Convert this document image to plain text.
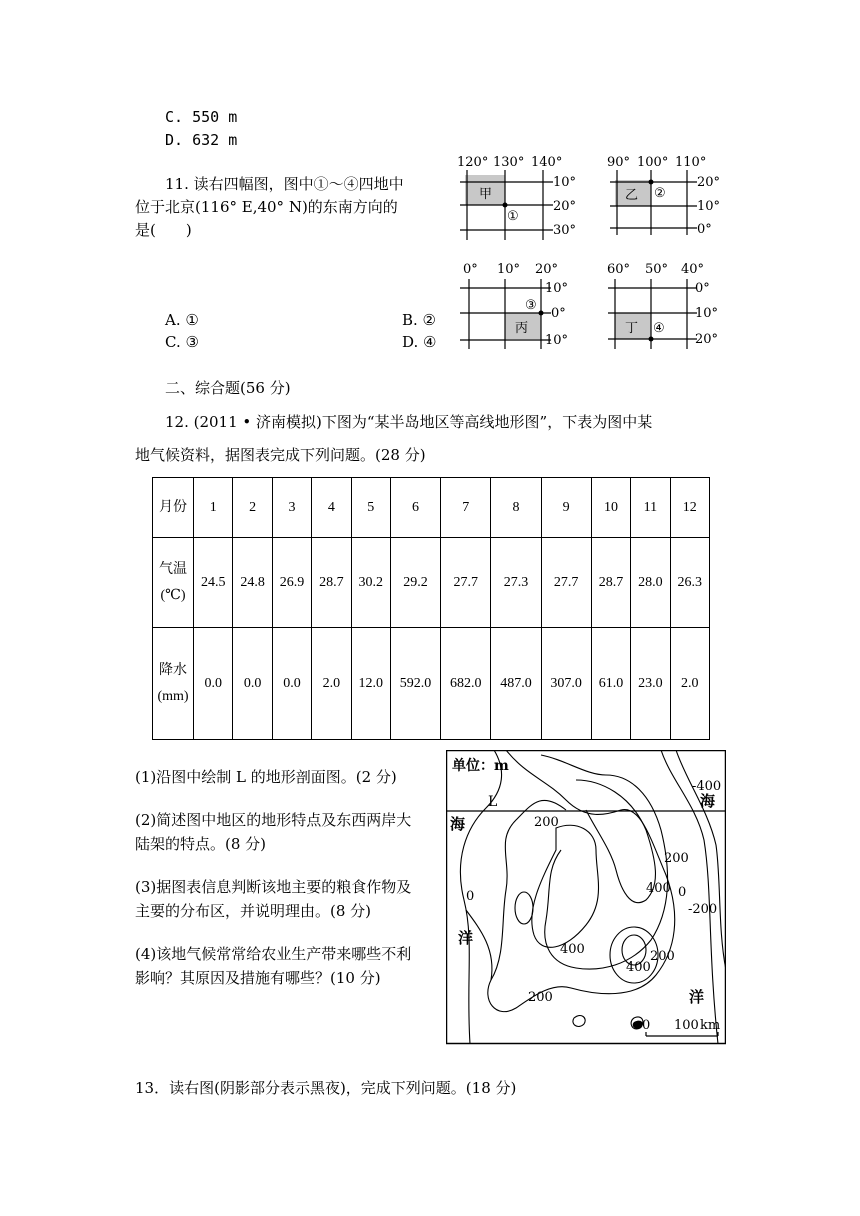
C. 550 m
D. 632 m
11. 读右四幅图，图中①～④四地中
位于北京(116° E,40° N)的东南方向的
是(　　)
A. ①	B. ②
C. ③	D. ④
120° 130° 140°
甲
①
10°
20°
30°
90° 100° 110°
乙 ②
20°
10°
0°
0° 10° 20°
丙
③
10°
0°
10°
60° 50° 40°
丁 ④
0°
10°
20°
二、综合题(56 分)
12. (2011 • 济南模拟)下图为“某半岛地区等高线地形图”，下表为图中某
地气候资料，据图表完成下列问题。(28 分)
月份	1	2	3	4	5	6	7	8	9	10	11	12
气温(℃)	24.5	24.8	26.9	28.7	30.2	29.2	27.7	27.3	27.7	28.7	28.0	26.3
降水(mm)	0.0	0.0	0.0	2.0	12.0	592.0	682.0	487.0	307.0	61.0	23.0	2.0
(1)沿图中绘制 L 的地形剖面图。(2 分)
(2)简述图中地区的地形特点及东西两岸大陆架的特点。(8 分)
(3)据图表信息判断该地主要的粮食作物及主要的分布区，并说明理由。(8 分)
(4)该地气候常常给农业生产带来哪些不利影响？其原因及措施有哪些？(10 分)
单位：m
L
海
洋
海
洋
-400
200
200
0
400 0
-200
400
400
200
200
0 100 km
13．读右图(阴影部分表示黑夜)，完成下列问题。(18 分)
